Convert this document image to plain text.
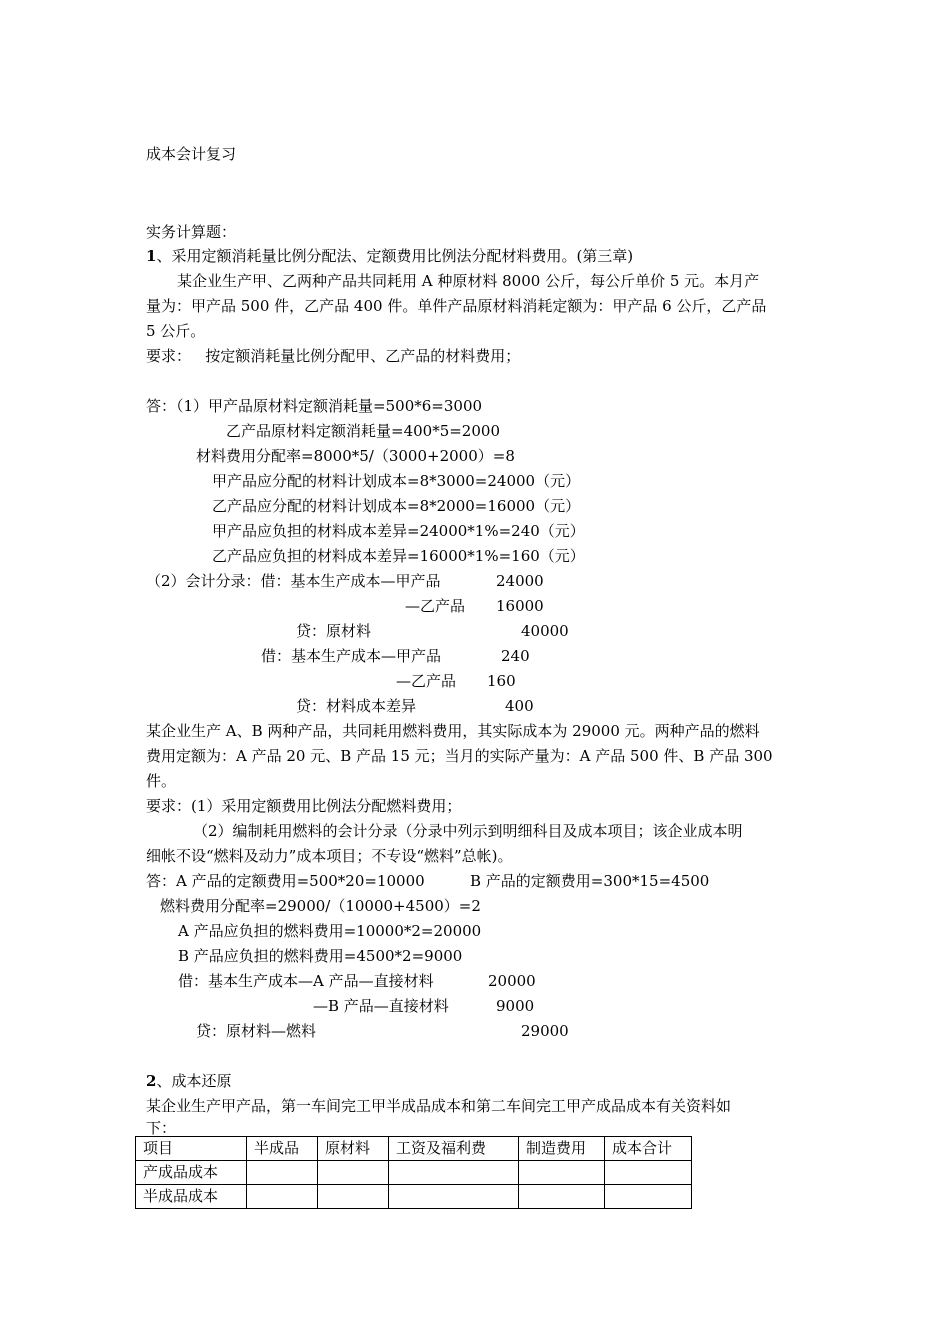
成本会计复习
实务计算题：
1、采用定额消耗量比例分配法、定额费用比例法分配材料费用。(第三章)
某企业生产甲、乙两种产品共同耗用 A 种原材料 8000 公斤，每公斤单价 5 元。本月产
量为：甲产品 500 件，乙产品 400 件。单件产品原材料消耗定额为：甲产品 6 公斤，乙产品
5 公斤。
要求：   按定额消耗量比例分配甲、乙产品的材料费用；
答：（1）甲产品原材料定额消耗量=500*6=3000
乙产品原材料定额消耗量=400*5=2000
材料费用分配率=8000*5/（3000+2000）=8
甲产品应分配的材料计划成本=8*3000=24000（元）
乙产品应分配的材料计划成本=8*2000=16000（元）
甲产品应负担的材料成本差异=24000*1%=240（元）
乙产品应负担的材料成本差异=16000*1%=160（元）
（2）会计分录：借：基本生产成本—甲产品	24000
—乙产品 16000
贷：原材料	40000
借：基本生产成本—甲产品	240
—乙产品 160
贷：材料成本差异	400
某企业生产 A、B 两种产品，共同耗用燃料费用，其实际成本为 29000 元。两种产品的燃料
费用定额为：A 产品 20 元、B 产品 15 元；当月的实际产量为：A 产品 500 件、B 产品 300
件。
要求：(1）采用定额费用比例法分配燃料费用；
（2）编制耗用燃料的会计分录（分录中列示到明细科目及成本项目；该企业成本明
细帐不设“燃料及动力”成本项目；不专设“燃料”总帐)。
答：A 产品的定额费用=500*20=10000	B 产品的定额费用=300*15=4500
燃料费用分配率=29000/（10000+4500）=2
A 产品应负担的燃料费用=10000*2=20000
B 产品应负担的燃料费用=4500*2=9000
借：基本生产成本—A 产品—直接材料	20000
—B 产品—直接材料	9000
贷：原材料—燃料	29000
2、成本还原
某企业生产甲产品，第一车间完工甲半成品成本和第二车间完工甲产成品成本有关资料如
下：
项目	半成品	原材料	工资及福利费	制造费用	成本合计
产成品成本					
半成品成本					
